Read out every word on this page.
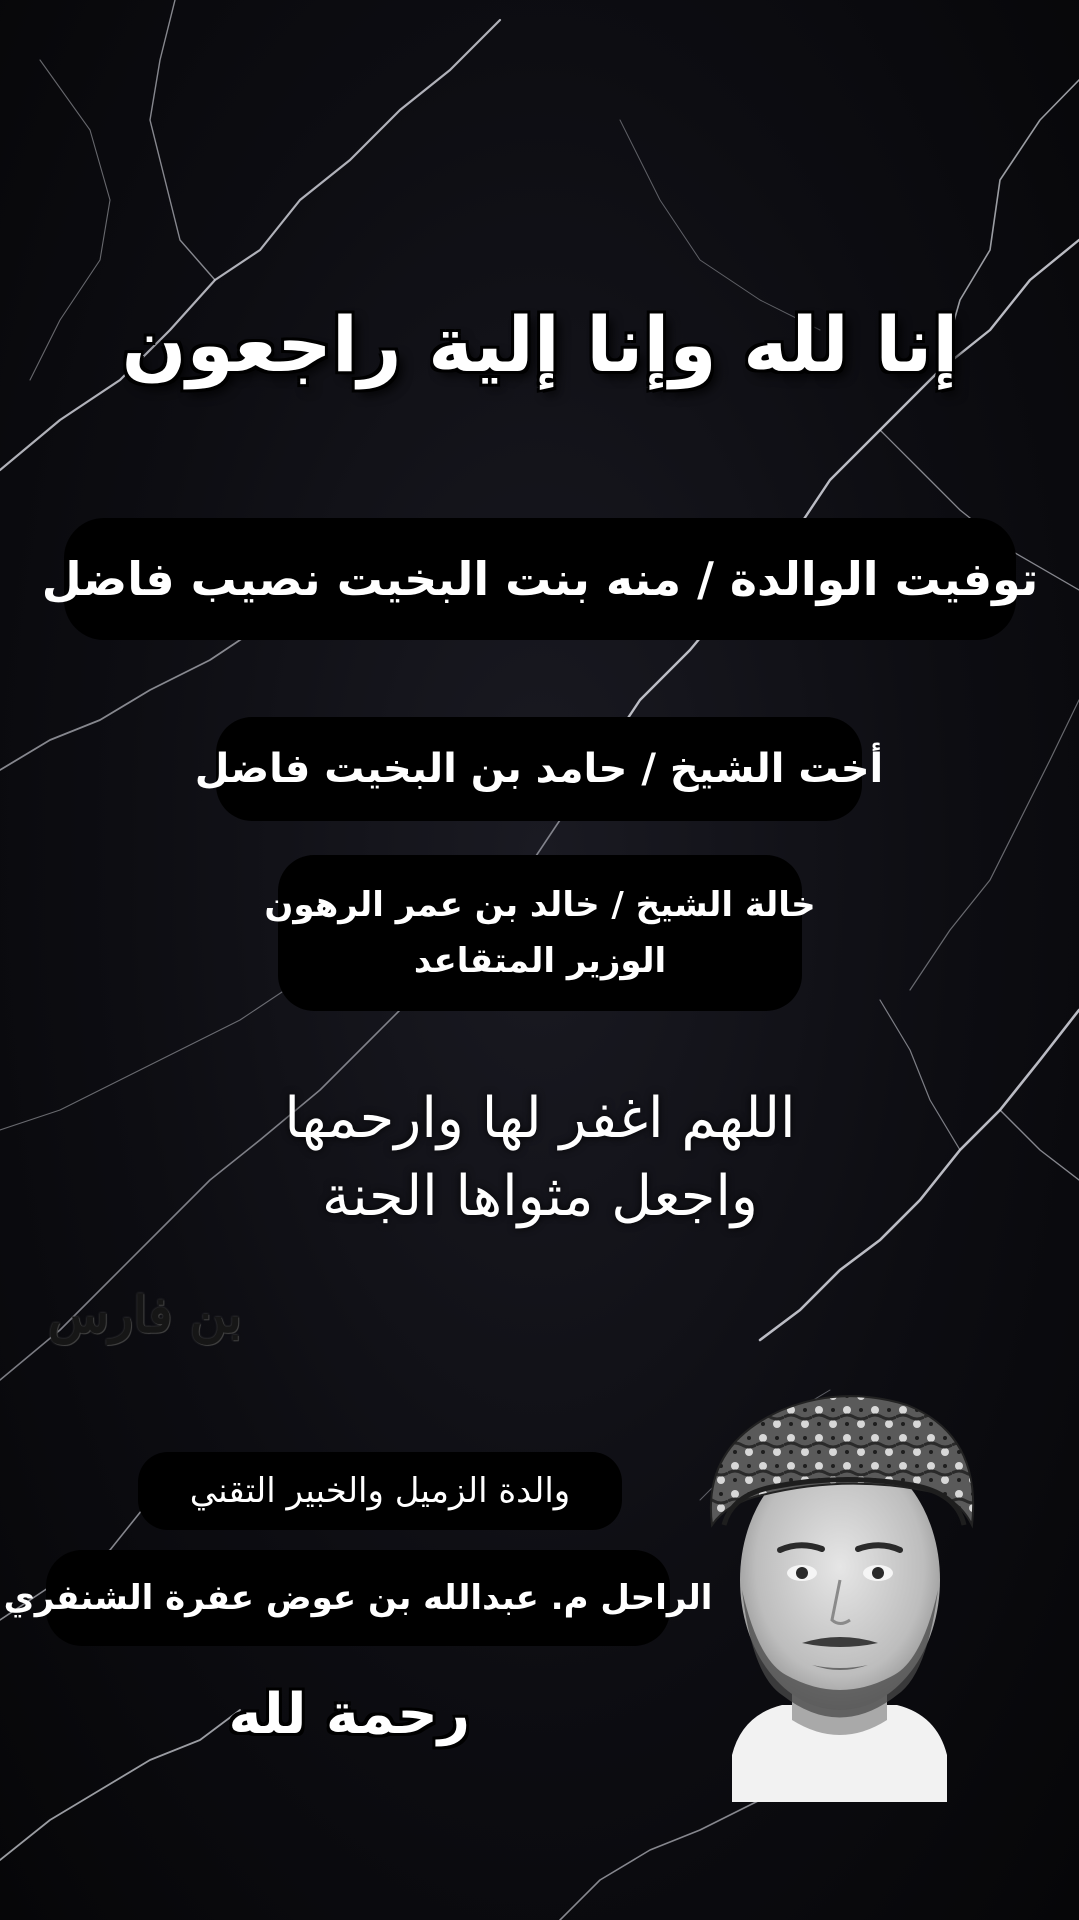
إنا لله وإنا إلية راجعون
توفيت الوالدة / منه بنت البخيت نصيب فاضل
أخت الشيخ / حامد بن البخيت فاضل
خالة الشيخ / خالد بن عمر الرهون
الوزير المتقاعد
اللهم اغفر لها وارحمها
واجعل مثواها الجنة
بن فارس
والدة الزميل والخبير التقني
الراحل م. عبدالله بن عوض عفرة الشنفري
رحمة لله
